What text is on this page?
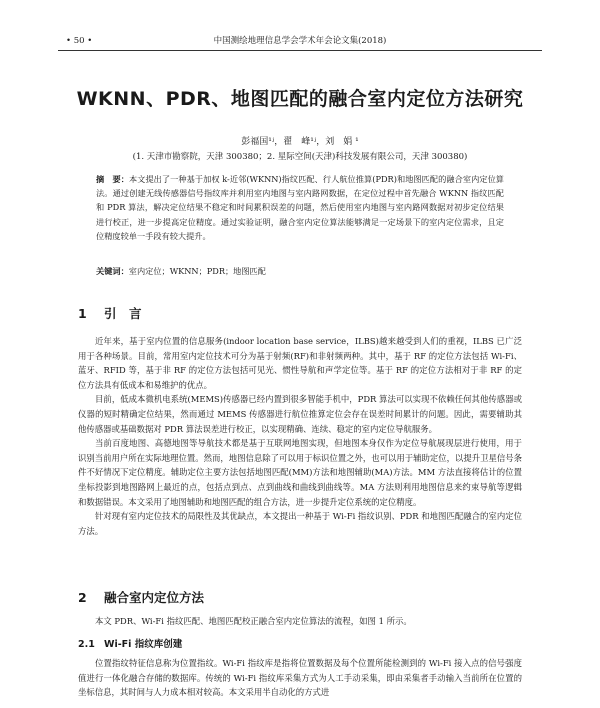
• 50 •	中国测绘地理信息学会学术年会论文集(2018)
WKNN、PDR、地图匹配的融合室内定位方法研究
彭福国¹ʲ，翟　峰¹ʲ，刘　娟 ¹
(1. 天津市勘察院，天津 300380；2. 星际空间(天津)科技发展有限公司，天津 300380)
摘　要：本文提出了一种基于加权 k-近邻(WKNN)指纹匹配、行人航位推算(PDR)和地图匹配的融合室内定位算法。通过创建无线传感器信号指纹库并利用室内地图与室内路网数据，在定位过程中首先融合 WKNN 指纹匹配和 PDR 算法，解决定位结果不稳定和时间累积误差的问题，然后使用室内地图与室内路网数据对初步定位结果进行校正，进一步提高定位精度。通过实验证明，融合室内定位算法能够满足一定场景下的室内定位需求，且定位精度较单一手段有较大提升。
关键词：室内定位；WKNN；PDR；地图匹配
1 引　言

近年来，基于室内位置的信息服务(indoor location base service，ILBS)越来越受到人们的重视，ILBS 已广泛用于各种场景。目前，常用室内定位技术可分为基于射频(RF)和非射频两种。其中，基于 RF 的定位方法包括 Wi-Fi、蓝牙、RFID 等，基于非 RF 的定位方法包括可见光、惯性导航和声学定位等。基于 RF 的定位方法相对于非 RF 的定位方法具有低成本和易维护的优点。

目前，低成本微机电系统(MEMS)传感器已经内置到很多智能手机中，PDR 算法可以实现不依赖任何其他传感器或仪器的短时精确定位结果，然而通过 MEMS 传感器进行航位推算定位会存在误差时间累计的问题。因此，需要辅助其他传感器或基础数据对 PDR 算法误差进行校正，以实现精确、连续、稳定的室内定位导航服务。

当前百度地图、高德地图等导航技术都是基于互联网地图实现，但地图本身仅作为定位导航展现层进行使用，用于识别当前用户所在实际地理位置。然而，地图信息除了可以用于标识位置之外，也可以用于辅助定位，以提升卫星信号条件不好情况下定位精度。辅助定位主要方法包括地图匹配(MM)方法和地图辅助(MA)方法。MM 方法直接将估计的位置坐标投影到地图路网上最近的点，包括点到点、点到曲线和曲线到曲线等。MA 方法则利用地图信息来约束导航等逻辑和数据错误。本文采用了地图辅助和地图匹配的组合方法，进一步提升定位系统的定位精度。

针对现有室内定位技术的局限性及其优缺点，本文提出一种基于 Wi-Fi 指纹识别、PDR 和地图匹配融合的室内定位方法。

2 融合室内定位方法

本文 PDR、Wi-Fi 指纹匹配、地图匹配校正融合室内定位算法的流程，如图 1 所示。

2.1 Wi-Fi 指纹库创建

位置指纹特征信息称为位置指纹。Wi-Fi 指纹库是指将位置数据及每个位置所能检测到的 Wi-Fi 接入点的信号强度值进行一体化融合存储的数据库。传统的 Wi-Fi 指纹库采集方式为人工手动采集，即由采集者手动输入当前所在位置的坐标信息，其时间与人力成本相对较高。本文采用半自动化的方式进
